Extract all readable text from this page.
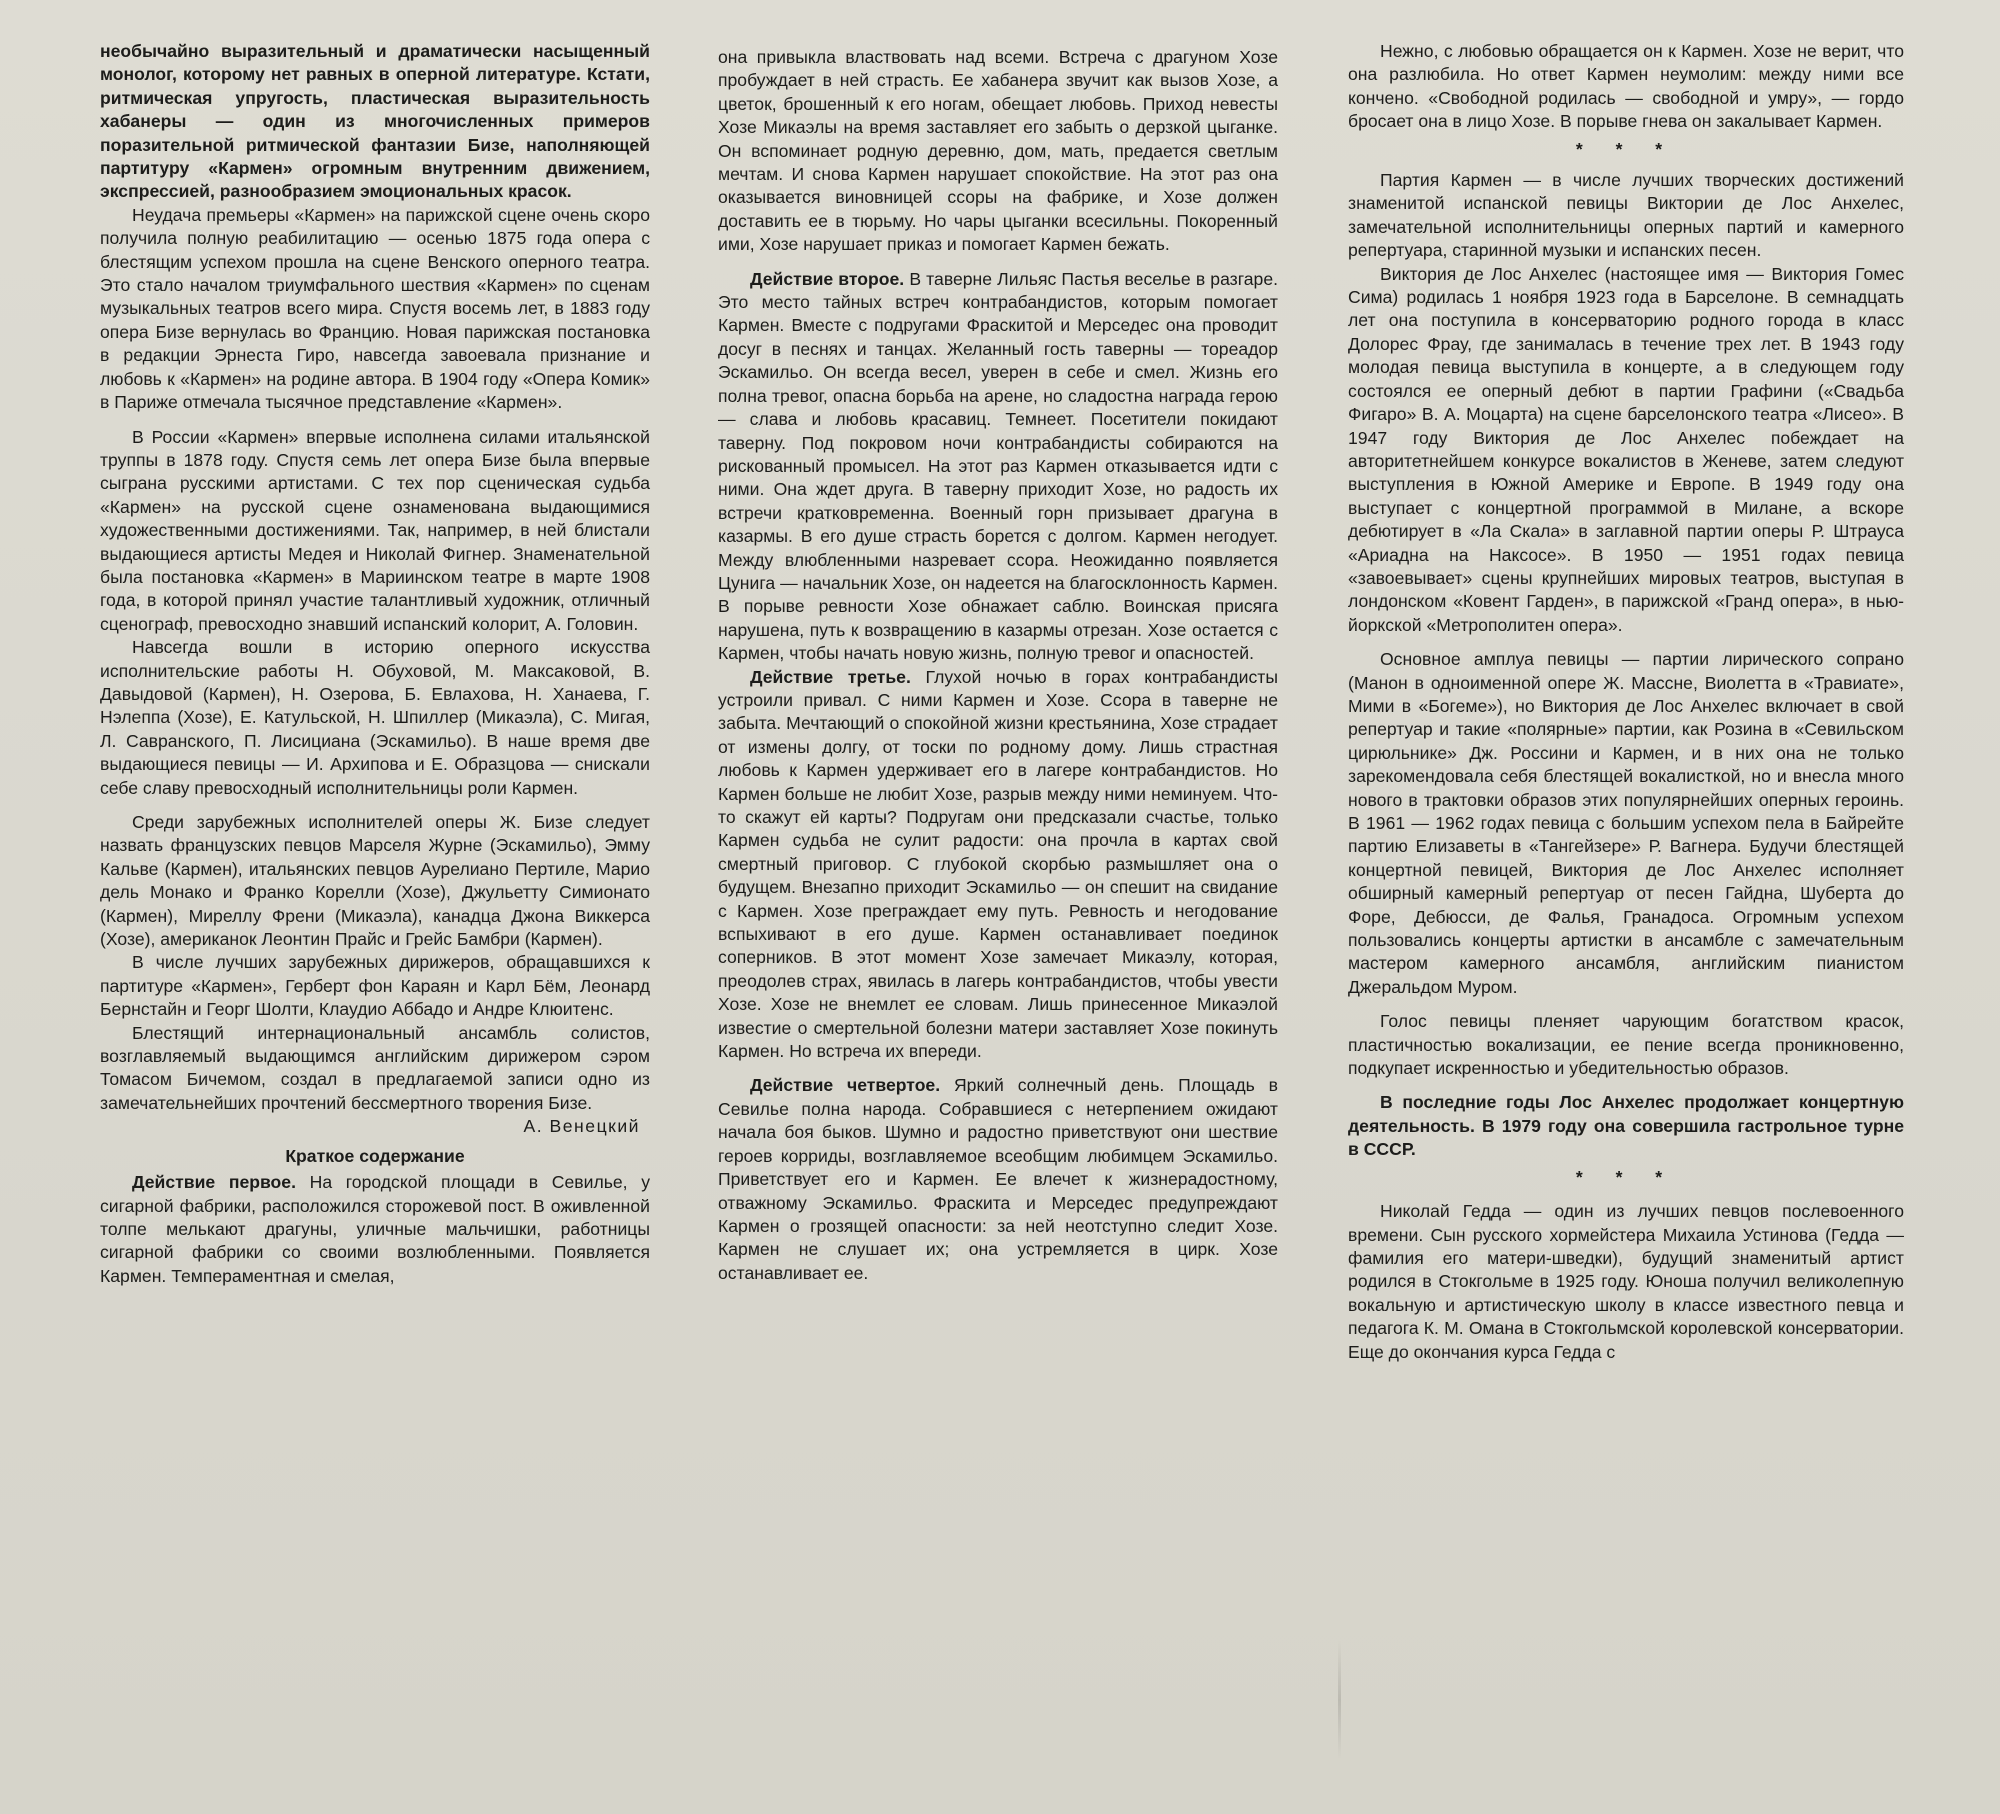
необычайно выразительный и драматически насыщенный монолог, которому нет равных в оперной литературе. Кстати, ритмическая упругость, пластическая выразительность хабанеры — один из многочисленных примеров поразительной ритмической фантазии Бизе, наполняющей партитуру «Кармен» огромным внутренним движением, экспрессией, разнообразием эмоциональных красок.

Неудача премьеры «Кармен» на парижской сцене очень скоро получила полную реабилитацию — осенью 1875 года опера с блестящим успехом прошла на сцене Венского оперного театра. Это стало началом триумфального шествия «Кармен» по сценам музыкальных театров всего мира. Спустя восемь лет, в 1883 году опера Бизе вернулась во Францию. Новая парижская постановка в редакции Эрнеста Гиро, навсегда завоевала признание и любовь к «Кармен» на родине автора. В 1904 году «Опера Комик» в Париже отмечала тысячное представление «Кармен».

В России «Кармен» впервые исполнена силами итальянской труппы в 1878 году. Спустя семь лет опера Бизе была впервые сыграна русскими артистами. С тех пор сценическая судьба «Кармен» на русской сцене ознаменована выдающимися художественными достижениями. Так, например, в ней блистали выдающиеся артисты Медея и Николай Фигнер. Знаменательной была постановка «Кармен» в Мариинском театре в марте 1908 года, в которой принял участие талантливый художник, отличный сценограф, превосходно знавший испанский колорит, А. Головин.

Навсегда вошли в историю оперного искусства исполнительские работы Н. Обуховой, М. Максаковой, В. Давыдовой (Кармен), Н. Озерова, Б. Евлахова, Н. Ханаева, Г. Нэлеппа (Хозе), Е. Катульской, Н. Шпиллер (Микаэла), С. Мигая, Л. Савранского, П. Лисициана (Эскамильо). В наше время две выдающиеся певицы — И. Архипова и Е. Образцова — снискали себе славу превосходный исполнительницы роли Кармен.

Среди зарубежных исполнителей оперы Ж. Бизе следует назвать французских певцов Марселя Журне (Эскамильо), Эмму Кальве (Кармен), итальянских певцов Аурелиано Пертиле, Марио дель Монако и Франко Корелли (Хозе), Джульетту Симионато (Кармен), Миреллу Френи (Микаэла), канадца Джона Виккерса (Хозе), американок Леонтин Прайс и Грейс Бамбри (Кармен).

В числе лучших зарубежных дирижеров, обращавшихся к партитуре «Кармен», Герберт фон Караян и Карл Бём, Леонард Бернстайн и Георг Шолти, Клаудио Аббадо и Андре Клюитенс.

Блестящий интернациональный ансамбль солистов, возглавляемый выдающимся английским дирижером сэром Томасом Бичемом, создал в предлагаемой записи одно из замечательнейших прочтений бессмертного творения Бизе.

А. Венецкий
Краткое содержание

Действие первое. На городской площади в Севилье, у сигарной фабрики, расположился сторожевой пост. В оживленной толпе мелькают драгуны, уличные мальчишки, работницы сигарной фабрики со своими возлюбленными. Появляется Кармен. Темпераментная и смелая,

она привыкла властвовать над всеми. Встреча с драгуном Хозе пробуждает в ней страсть. Ее хабанера звучит как вызов Хозе, а цветок, брошенный к его ногам, обещает любовь. Приход невесты Хозе Микаэлы на время заставляет его забыть о дерзкой цыганке. Он вспоминает родную деревню, дом, мать, предается светлым мечтам. И снова Кармен нарушает спокойствие. На этот раз она оказывается виновницей ссоры на фабрике, и Хозе должен доставить ее в тюрьму. Но чары цыганки всесильны. Покоренный ими, Хозе нарушает приказ и помогает Кармен бежать.

Действие второе. В таверне Лильяс Пастья веселье в разгаре. Это место тайных встреч контрабандистов, которым помогает Кармен. Вместе с подругами Фраскитой и Мерседес она проводит досуг в песнях и танцах. Желанный гость таверны — тореадор Эскамильо. Он всегда весел, уверен в себе и смел. Жизнь его полна тревог, опасна борьба на арене, но сладостна награда герою — слава и любовь красавиц. Темнеет. Посетители покидают таверну. Под покровом ночи контрабандисты собираются на рискованный промысел. На этот раз Кармен отказывается идти с ними. Она ждет друга. В таверну приходит Хозе, но радость их встречи кратковременна. Военный горн призывает драгуна в казармы. В его душе страсть борется с долгом. Кармен негодует. Между влюбленными назревает ссора. Неожиданно появляется Цунига — начальник Хозе, он надеется на благосклонность Кармен. В порыве ревности Хозе обнажает саблю. Воинская присяга нарушена, путь к возвращению в казармы отрезан. Хозе остается с Кармен, чтобы начать новую жизнь, полную тревог и опасностей.

Действие третье. Глухой ночью в горах контрабандисты устроили привал. С ними Кармен и Хозе. Ссора в таверне не забыта. Мечтающий о спокойной жизни крестьянина, Хозе страдает от измены долгу, от тоски по родному дому. Лишь страстная любовь к Кармен удерживает его в лагере контрабандистов. Но Кармен больше не любит Хозе, разрыв между ними неминуем. Что-то скажут ей карты? Подругам они предсказали счастье, только Кармен судьба не сулит радости: она прочла в картах свой смертный приговор. С глубокой скорбью размышляет она о будущем. Внезапно приходит Эскамильо — он спешит на свидание с Кармен. Хозе преграждает ему путь. Ревность и негодование вспыхивают в его душе. Кармен останавливает поединок соперников. В этот момент Хозе замечает Микаэлу, которая, преодолев страх, явилась в лагерь контрабандистов, чтобы увести Хозе. Хозе не внемлет ее словам. Лишь принесенное Микаэлой известие о смертельной болезни матери заставляет Хозе покинуть Кармен. Но встреча их впереди.

Действие четвертое. Яркий солнечный день. Площадь в Севилье полна народа. Собравшиеся с нетерпением ожидают начала боя быков. Шумно и радостно приветствуют они шествие героев корриды, возглавляемое всеобщим любимцем Эскамильо. Приветствует его и Кармен. Ее влечет к жизнерадостному, отважному Эскамильо. Фраскита и Мерседес предупреждают Кармен о грозящей опасности: за ней неотступно следит Хозе. Кармен не слушает их; она устремляется в цирк. Хозе останавливает ее.

Нежно, с любовью обращается он к Кармен. Хозе не верит, что она разлюбила. Но ответ Кармен неумолим: между ними все кончено. «Свободной родилась — свободной и умру», — гордо бросает она в лицо Хозе. В порыве гнева он закалывает Кармен.

* * *

Партия Кармен — в числе лучших творческих достижений знаменитой испанской певицы Виктории де Лос Анхелес, замечательной исполнительницы оперных партий и камерного репертуара, старинной музыки и испанских песен.

Виктория де Лос Анхелес (настоящее имя — Виктория Гомес Сима) родилась 1 ноября 1923 года в Барселоне. В семнадцать лет она поступила в консерваторию родного города в класс Долорес Фрау, где занималась в течение трех лет. В 1943 году молодая певица выступила в концерте, а в следующем году состоялся ее оперный дебют в партии Графини («Свадьба Фигаро» В. А. Моцарта) на сцене барселонского театра «Лисео». В 1947 году Виктория де Лос Анхелес побеждает на авторитетнейшем конкурсе вокалистов в Женеве, затем следуют выступления в Южной Америке и Европе. В 1949 году она выступает с концертной программой в Милане, а вскоре дебютирует в «Ла Скала» в заглавной партии оперы Р. Штрауса «Ариадна на Наксосе». В 1950 — 1951 годах певица «завоевывает» сцены крупнейших мировых театров, выступая в лондонском «Ковент Гарден», в парижской «Гранд опера», в нью-йоркской «Метрополитен опера».

Основное амплуа певицы — партии лирического сопрано (Манон в одноименной опере Ж. Массне, Виолетта в «Травиате», Мими в «Богеме»), но Виктория де Лос Анхелес включает в свой репертуар и такие «полярные» партии, как Розина в «Севильском цирюльнике» Дж. Россини и Кармен, и в них она не только зарекомендовала себя блестящей вокалисткой, но и внесла много нового в трактовки образов этих популярнейших оперных героинь. В 1961 — 1962 годах певица с большим успехом пела в Байрейте партию Елизаветы в «Тангейзере» Р. Вагнера. Будучи блестящей концертной певицей, Виктория де Лос Анхелес исполняет обширный камерный репертуар от песен Гайдна, Шуберта до Форе, Дебюсси, де Фалья, Гранадоса. Огромным успехом пользовались концерты артистки в ансамбле с замечательным мастером камерного ансамбля, английским пианистом Джеральдом Муром.

Голос певицы пленяет чарующим богатством красок, пластичностью вокализации, ее пение всегда проникновенно, подкупает искренностью и убедительностью образов.

В последние годы Лос Анхелес продолжает концертную деятельность. В 1979 году она совершила гастрольное турне в СССР.

* * *

Николай Гедда — один из лучших певцов послевоенного времени. Сын русского хормейстера Михаила Устинова (Гедда — фамилия его матери-шведки), будущий знаменитый артист родился в Стокгольме в 1925 году. Юноша получил великолепную вокальную и артистическую школу в классе известного певца и педагога К. М. Омана в Стокгольмской королевской консерватории. Еще до окончания курса Гедда с
